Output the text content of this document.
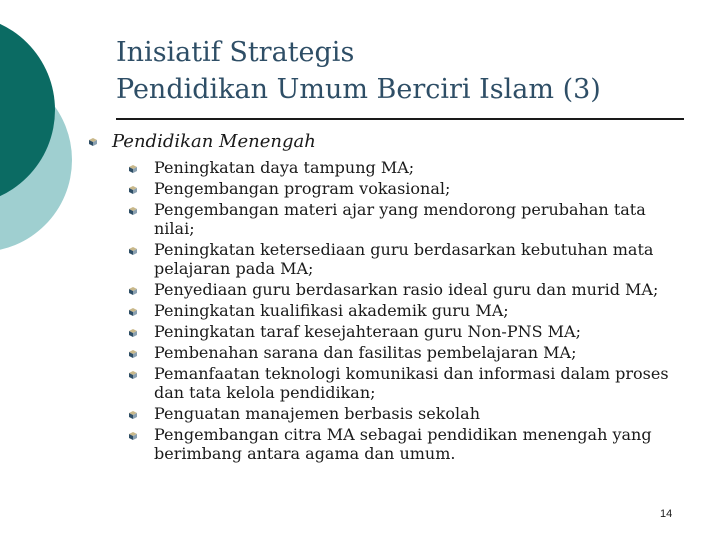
Inisiatif Strategis
Pendidikan Umum Berciri Islam (3)
Pendidikan Menengah
Peningkatan daya tampung MA;
Pengembangan program vokasional;
Pengembangan materi ajar yang mendorong perubahan tata nilai;
Peningkatan ketersediaan guru berdasarkan kebutuhan mata pelajaran pada MA;
Penyediaan guru berdasarkan rasio ideal guru dan murid MA;
Peningkatan kualifikasi akademik guru MA;
Peningkatan taraf kesejahteraan guru Non-PNS MA;
Pembenahan sarana dan fasilitas pembelajaran MA;
Pemanfaatan teknologi komunikasi dan informasi dalam proses dan tata kelola pendidikan;
Penguatan manajemen berbasis sekolah
Pengembangan citra MA sebagai pendidikan menengah yang berimbang antara agama dan umum.
14
